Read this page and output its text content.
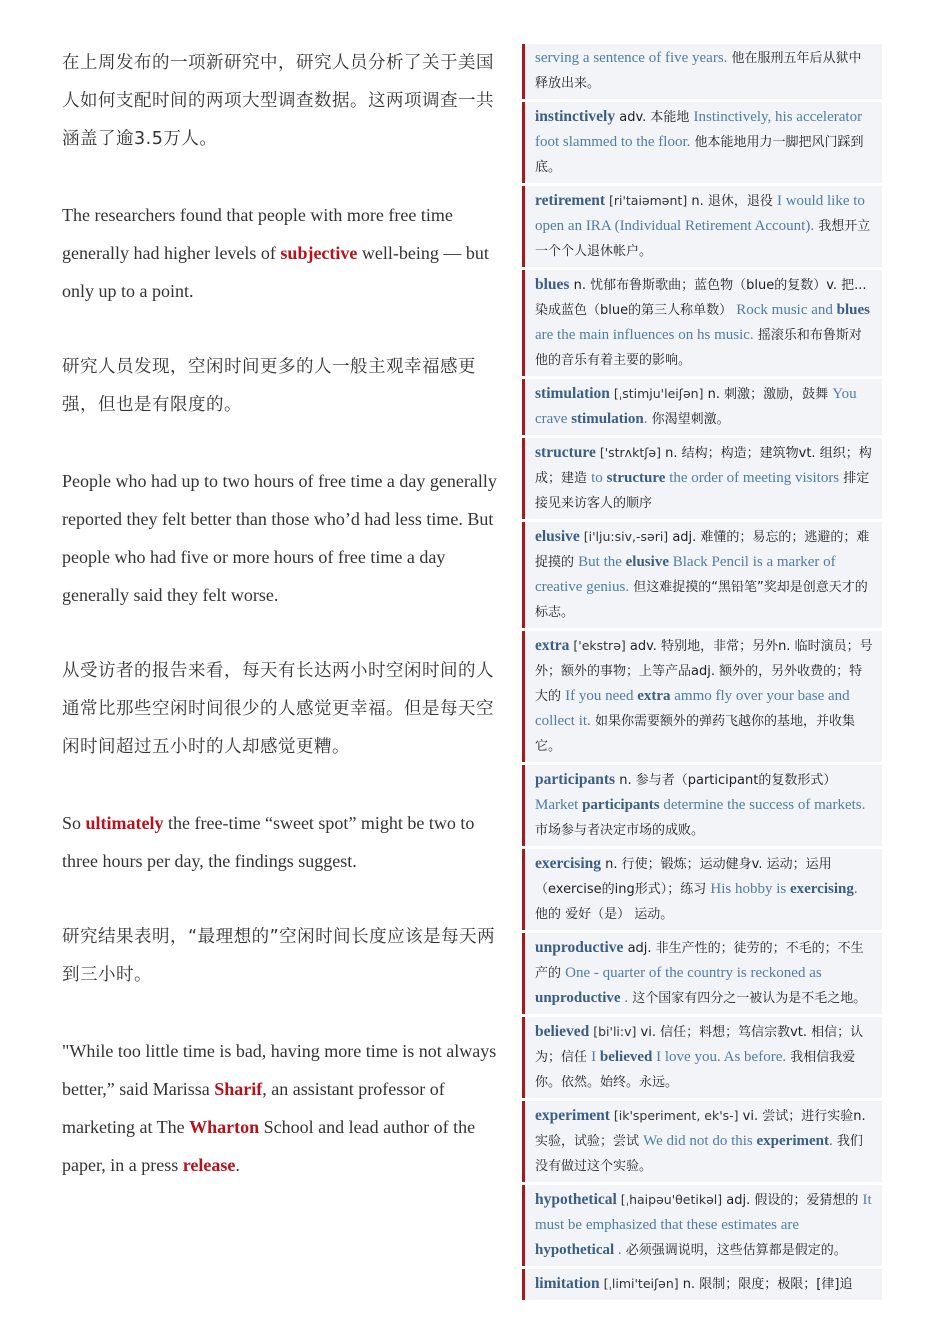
在上周发布的一项新研究中，研究人员分析了关于美国人如何支配时间的两项大型调查数据。这两项调查一共涵盖了逾3.5万人。

The researchers found that people with more free time generally had higher levels of subjective well-being — but only up to a point.

研究人员发现，空闲时间更多的人一般主观幸福感更强，但也是有限度的。

People who had up to two hours of free time a day generally reported they felt better than those who’d had less time. But people who had five or more hours of free time a day generally said they felt worse.

从受访者的报告来看，每天有长达两小时空闲时间的人通常比那些空闲时间很少的人感觉更幸福。但是每天空闲时间超过五小时的人却感觉更糟。

So ultimately the free-time “sweet spot” might be two to three hours per day, the findings suggest.

研究结果表明，“最理想的”空闲时间长度应该是每天两到三小时。

"While too little time is bad, having more time is not always better,” said Marissa Sharif, an assistant professor of marketing at The Wharton School and lead author of the paper, in a press release.

serving a sentence of five years. 他在服刑五年后从狱中释放出来。
instinctively adv. 本能地 Instinctively, his accelerator foot slammed to the floor. 他本能地用力一脚把风门踩到底。
retirement [ri'taiəmənt] n. 退休，退役 I would like to open an IRA (Individual Retirement Account). 我想开立一个个人退休帐户。
blues n. 忧郁布鲁斯歌曲；蓝色物（blue的复数）v. 把...染成蓝色（blue的第三人称单数） Rock music and blues are the main influences on hs music. 摇滚乐和布鲁斯对他的音乐有着主要的影响。
stimulation [ˌstimju'leiʃən] n. 刺激；激励，鼓舞 You crave stimulation. 你渴望刺激。
structure ['strʌktʃə] n. 结构；构造；建筑物vt. 组织；构成；建造 to structure the order of meeting visitors 排定接见来访客人的顺序
elusive [i'lju:siv,-səri] adj. 难懂的；易忘的；逃避的；难捉摸的 But the elusive Black Pencil is a marker of creative genius. 但这难捉摸的“黑铅笔”奖却是创意天才的标志。
extra ['ekstrə] adv. 特别地，非常；另外n. 临时演员；号外；额外的事物；上等产品adj. 额外的，另外收费的；特大的 If you need extra ammo fly over your base and collect it. 如果你需要额外的弹药飞越你的基地，并收集它。
participants n. 参与者（participant的复数形式） Market participants determine the success of markets. 市场参与者决定市场的成败。
exercising n. 行使；锻炼；运动健身v. 运动；运用（exercise的ing形式）；练习 His hobby is exercising. 他的 爱好（是） 运动。
unproductive adj. 非生产性的；徒劳的；不毛的；不生产的 One - quarter of the country is reckoned as unproductive . 这个国家有四分之一被认为是不毛之地。
believed [bi'li:v] vi. 信任；料想；笃信宗教vt. 相信；认为；信任 I believed I love you. As before. 我相信我爱你。依然。始终。永远。
experiment [ik'speriment, ek's-] vi. 尝试；进行实验n. 实验，试验；尝试 We did not do this experiment. 我们没有做过这个实验。
hypothetical [ˌhaipəu'θetikəl] adj. 假设的；爱猜想的 It must be emphasized that these estimates are hypothetical . 必须强调说明，这些估算都是假定的。
limitation [ˌlimi'teiʃən] n. 限制；限度；极限；[律]追
